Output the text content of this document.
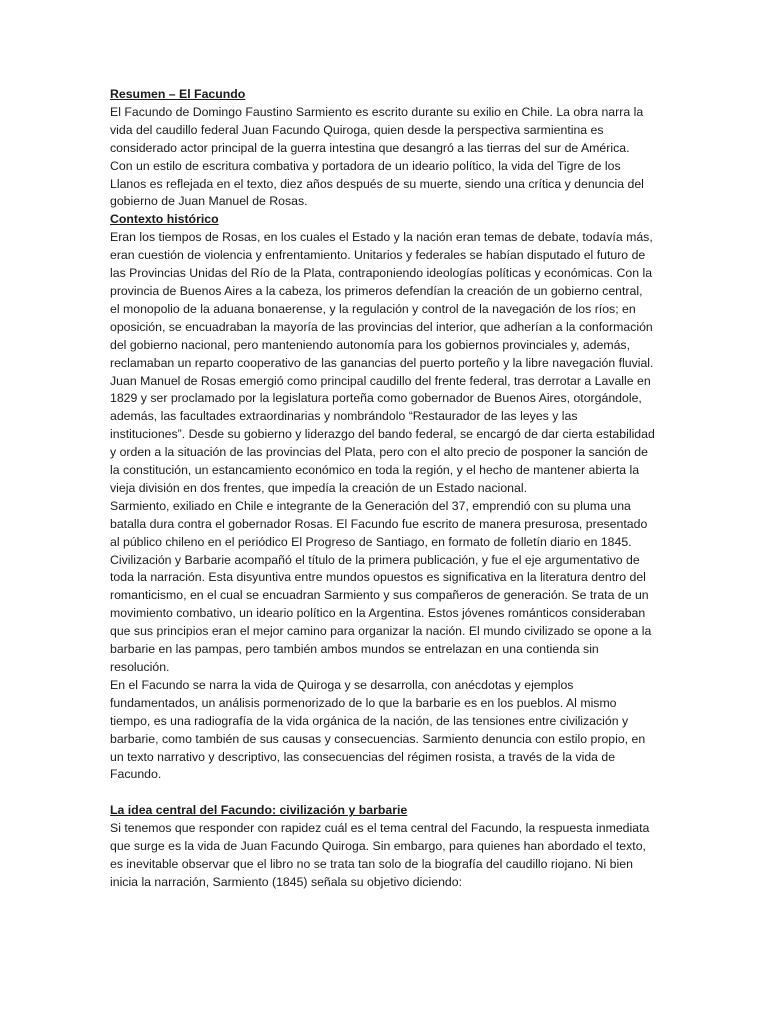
Resumen – El Facundo

El Facundo de Domingo Faustino Sarmiento es escrito durante su exilio en Chile. La obra narra la vida del caudillo federal Juan Facundo Quiroga, quien desde la perspectiva sarmientina es considerado actor principal de la guerra intestina que desangró a las tierras del sur de América. Con un estilo de escritura combativa y portadora de un ideario político, la vida del Tigre de los Llanos es reflejada en el texto, diez años después de su muerte, siendo una crítica y denuncia del gobierno de Juan Manuel de Rosas.

Contexto histórico

Eran los tiempos de Rosas, en los cuales el Estado y la nación eran temas de debate, todavía más, eran cuestión de violencia y enfrentamiento. Unitarios y federales se habían disputado el futuro de las Provincias Unidas del Río de la Plata, contraponiendo ideologías políticas y económicas. Con la provincia de Buenos Aires a la cabeza, los primeros defendían la creación de un gobierno central, el monopolio de la aduana bonaerense, y la regulación y control de la navegación de los ríos; en oposición, se encuadraban la mayoría de las provincias del interior, que adherían a la conformación del gobierno nacional, pero manteniendo autonomía para los gobiernos provinciales y, además, reclamaban un reparto cooperativo de las ganancias del puerto porteño y la libre navegación fluvial.

Juan Manuel de Rosas emergió como principal caudillo del frente federal, tras derrotar a Lavalle en 1829 y ser proclamado por la legislatura porteña como gobernador de Buenos Aires, otorgándole, además, las facultades extraordinarias y nombrándolo “Restaurador de las leyes y las instituciones”. Desde su gobierno y liderazgo del bando federal, se encargó de dar cierta estabilidad y orden a la situación de las provincias del Plata, pero con el alto precio de posponer la sanción de la constitución, un estancamiento económico en toda la región, y el hecho de mantener abierta la vieja división en dos frentes, que impedía la creación de un Estado nacional.

Sarmiento, exiliado en Chile e integrante de la Generación del 37, emprendió con su pluma una batalla dura contra el gobernador Rosas. El Facundo fue escrito de manera presurosa, presentado al público chileno en el periódico El Progreso de Santiago, en formato de folletín diario en 1845. Civilización y Barbarie acompañó el título de la primera publicación, y fue el eje argumentativo de toda la narración. Esta disyuntiva entre mundos opuestos es significativa en la literatura dentro del romanticismo, en el cual se encuadran Sarmiento y sus compañeros de generación. Se trata de un movimiento combativo, un ideario político en la Argentina. Estos jóvenes románticos consideraban que sus principios eran el mejor camino para organizar la nación. El mundo civilizado se opone a la barbarie en las pampas, pero también ambos mundos se entrelazan en una contienda sin resolución.

En el Facundo se narra la vida de Quiroga y se desarrolla, con anécdotas y ejemplos fundamentados, un análisis pormenorizado de lo que la barbarie es en los pueblos. Al mismo tiempo, es una radiografía de la vida orgánica de la nación, de las tensiones entre civilización y barbarie, como también de sus causas y consecuencias. Sarmiento denuncia con estilo propio, en un texto narrativo y descriptivo, las consecuencias del régimen rosista, a través de la vida de Facundo.

La idea central del Facundo: civilización y barbarie

Si tenemos que responder con rapidez cuál es el tema central del Facundo, la respuesta inmediata que surge es la vida de Juan Facundo Quiroga. Sin embargo, para quienes han abordado el texto, es inevitable observar que el libro no se trata tan solo de la biografía del caudillo riojano. Ni bien inicia la narración, Sarmiento (1845) señala su objetivo diciendo:
